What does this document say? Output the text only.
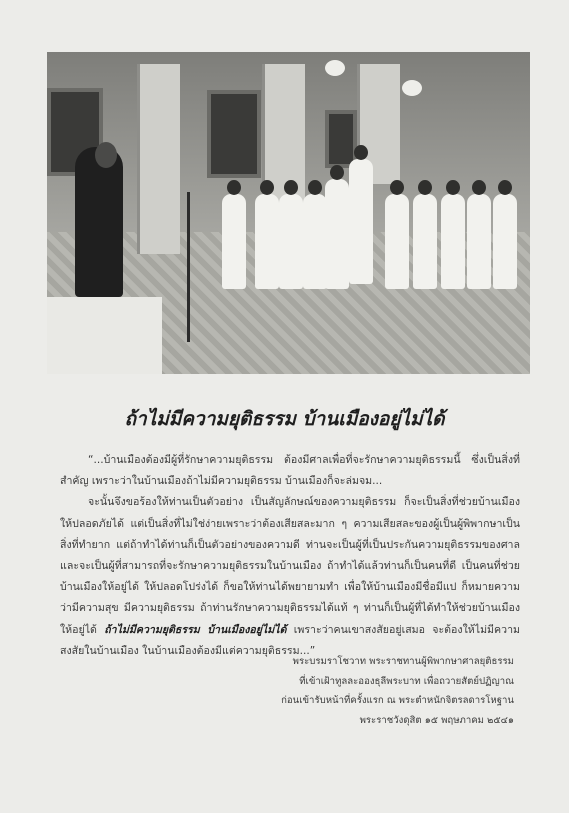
ถ้าไม่มีความยุติธรรม บ้านเมืองอยู่ไม่ได้

“...บ้านเมืองต้องมีผู้ที่รักษาความยุติธรรม ต้องมีศาลเพื่อที่จะรักษาความยุติธรรมนี้ ซึ่งเป็นสิ่งที่สำคัญ เพราะว่าในบ้านเมืองถ้าไม่มีความยุติธรรม บ้านเมืองก็จะล่มจม...

จะนั้นจึงขอร้องให้ท่านเป็นตัวอย่าง เป็นสัญลักษณ์ของความยุติธรรม ก็จะเป็นสิ่งที่ช่วยบ้านเมืองให้ปลอดภัยได้ แต่เป็นสิ่งที่ไม่ใช่ง่ายเพราะว่าต้องเสียสละมาก ๆ ความเสียสละของผู้เป็นผู้พิพากษาเป็นสิ่งที่ทำยาก แต่ถ้าทำได้ท่านก็เป็นตัวอย่างของความดี ท่านจะเป็นผู้ที่เป็นประกันความยุติธรรมของศาล และจะเป็นผู้ที่สามารถที่จะรักษาความยุติธรรมในบ้านเมือง ถ้าทำได้แล้วท่านก็เป็นคนที่ดี เป็นคนที่ช่วยบ้านเมืองให้อยู่ได้ ให้ปลอดโปร่งได้ ก็ขอให้ท่านได้พยายามทำ เพื่อให้บ้านเมืองมีชื่อมีแป ก็หมายความว่ามีความสุข มีความยุติธรรม ถ้าท่านรักษาความยุติธรรมได้แท้ ๆ ท่านก็เป็นผู้ที่ได้ทำให้ช่วยบ้านเมืองให้อยู่ได้ ถ้าไม่มีความยุติธรรม บ้านเมืองอยู่ไม่ได้ เพราะว่าคนเขาสงสัยอยู่เสมอ จะต้องให้ไม่มีความสงสัยในบ้านเมือง ในบ้านเมืองต้องมีแต่ความยุติธรรม...”

พระบรมราโชวาท พระราชทานผู้พิพากษาศาลยุติธรรม
ที่เข้าเฝ้าทูลละอองธุลีพระบาท เพื่อถวายสัตย์ปฏิญาณ
ก่อนเข้ารับหน้าที่ครั้งแรก ณ พระตำหนักจิตรลดารโหฐาน
พระราชวังดุสิต ๑๕ พฤษภาคม ๒๕๔๑
